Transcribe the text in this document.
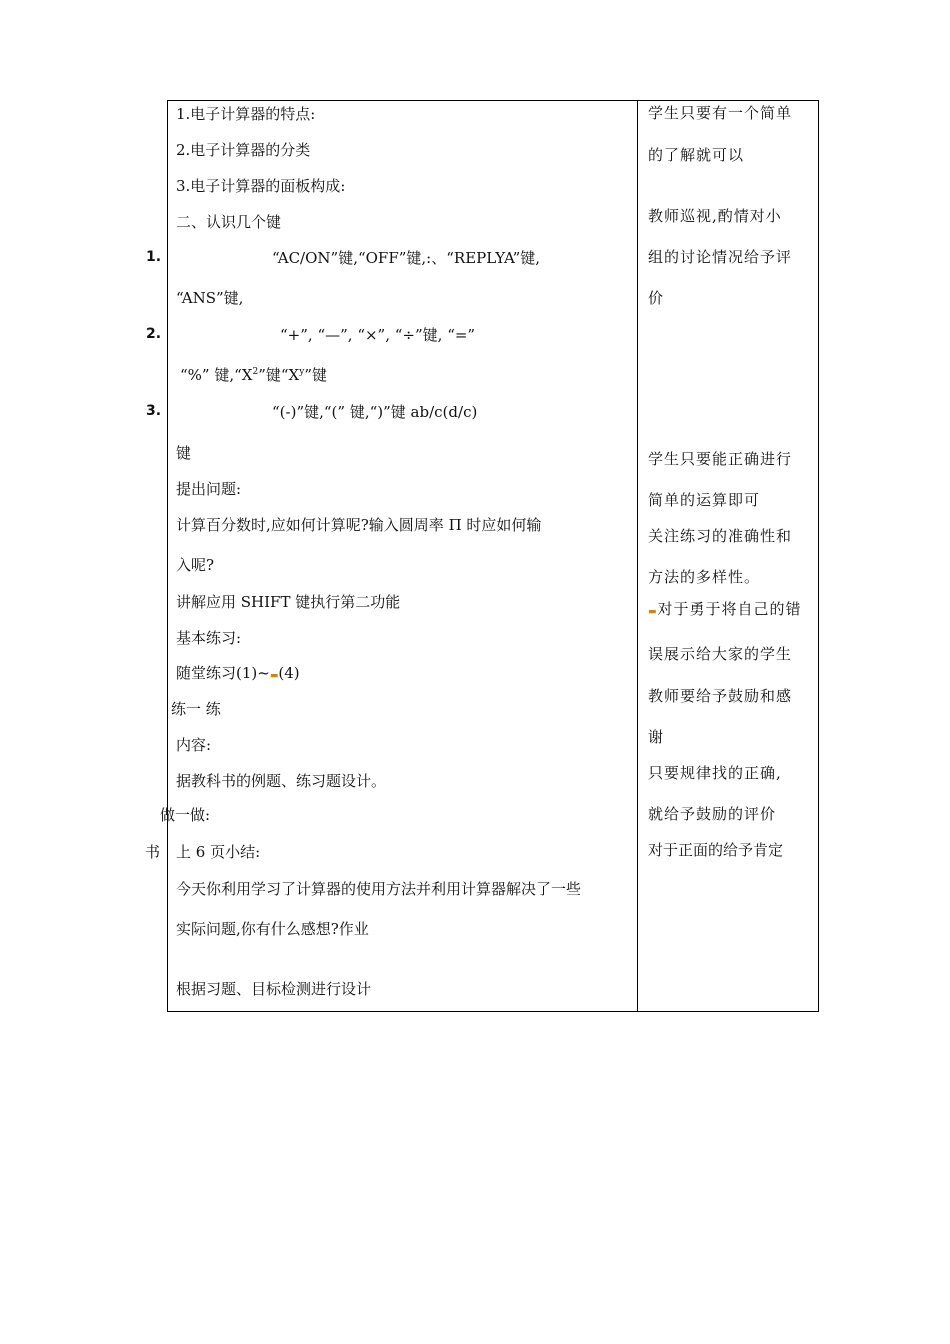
1.
2.
3.
做一做:
书
1.电子计算器的特点:
2.电子计算器的分类
3.电子计算器的面板构成:
二、认识几个键
“AC/ON”键,“OFF”键,:、“REPLYA”键,
“ANS”键,
“+”, “—”, “×”, “÷”键, “=”
“%” 键$,“X^2$”键“$X^y$”键
“(-)”键,“(” 键,“)”键 ab/c(d/c)
键
提出问题:
计算百分数时,应如何计算呢?输入圆周率 Π 时应如何输
入呢?
讲解应用 SHIFT 键执行第二功能
基本练习:
随堂练习(1)~▬(4)
练一 练
内容:
据教科书的例题、练习题设计。
上 6 页小结:
今天你利用学习了计算器的使用方法并利用计算器解决了一些
实际问题,你有什么感想?作业
根据习题、目标检测进行设计
学生只要有一个简单
的了解就可以
教师巡视,酌情对小
组的讨论情况给予评
价
学生只要能正确进行
简单的运算即可
关注练习的准确性和
方法的多样性。
▬对于勇于将自己的错
误展示给大家的学生
教师要给予鼓励和感
谢
只要规律找的正确,
就给予鼓励的评价
对于正面的给予肯定
